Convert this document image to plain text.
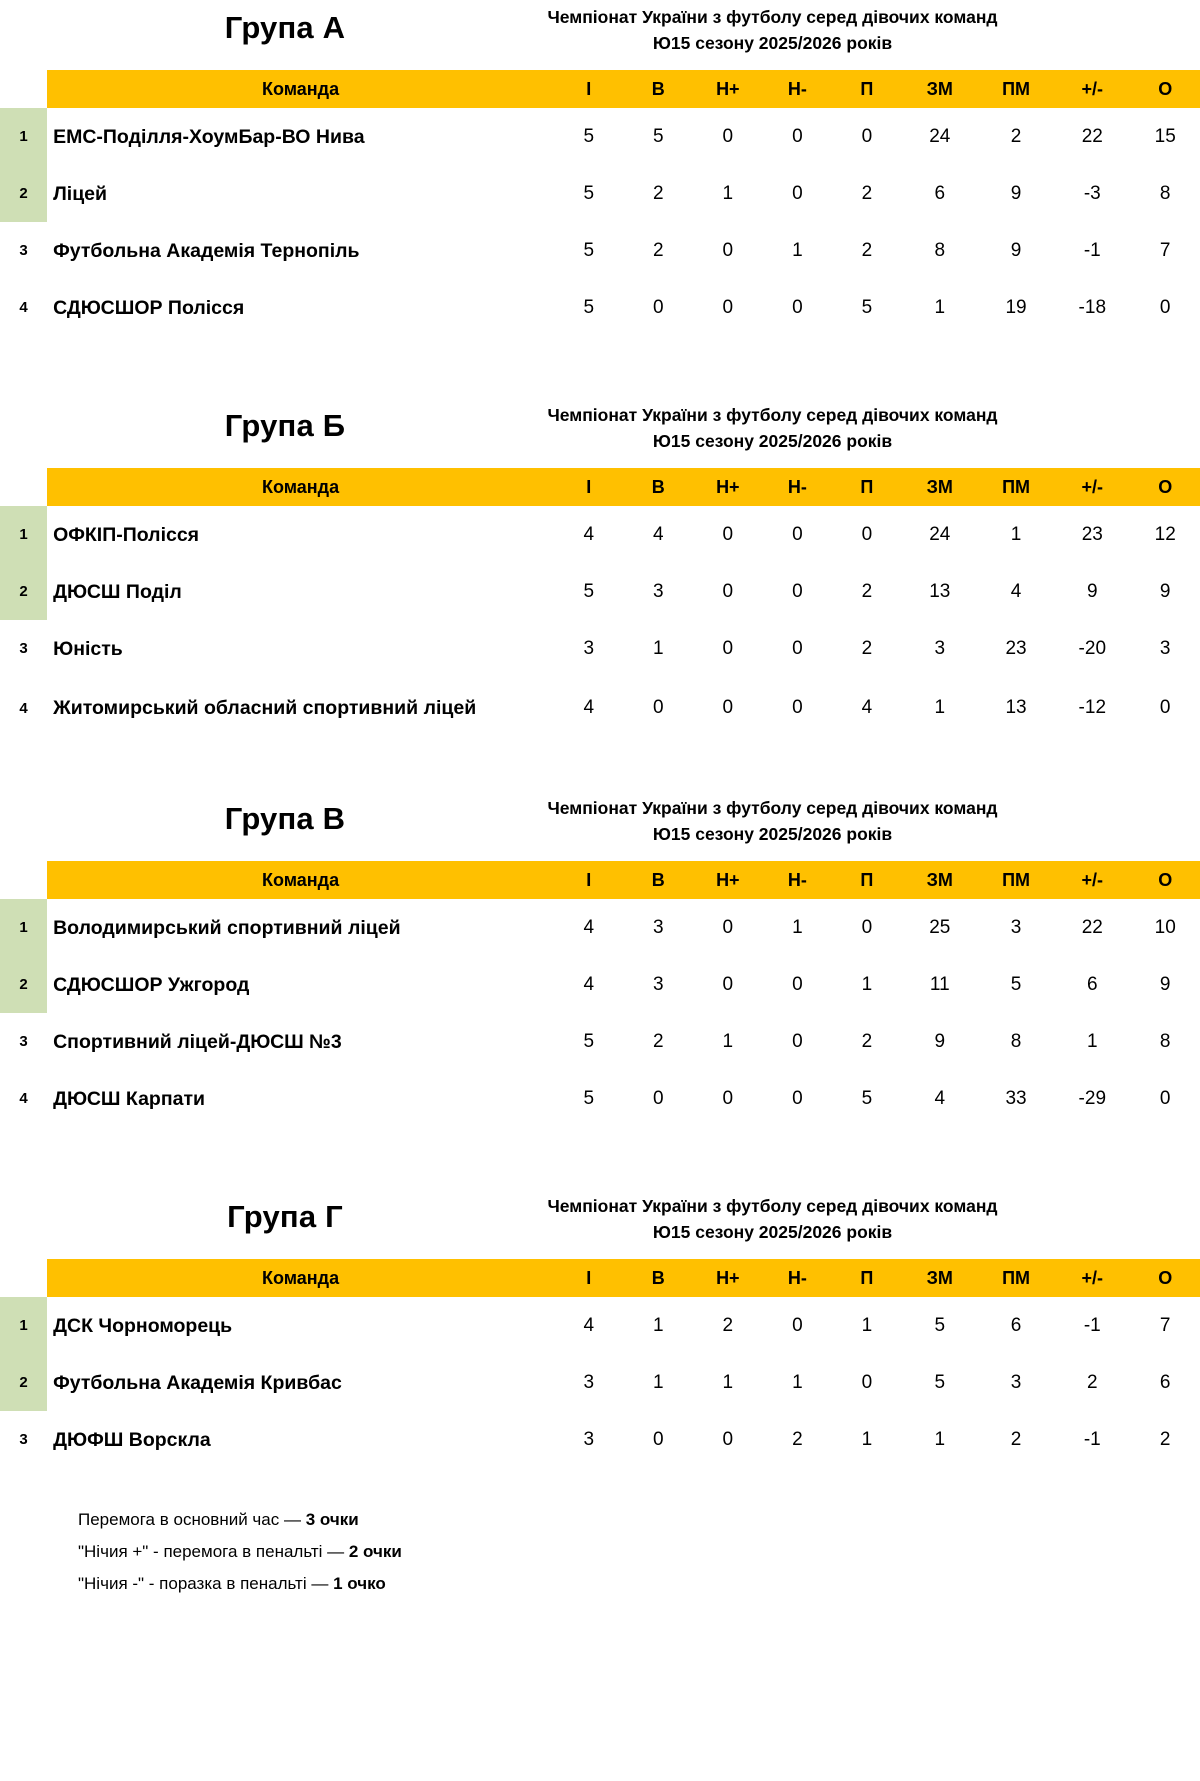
Група А	Чемпіонат України з футболу серед дівочих команд
Ю15 сезону 2025/2026 років
	Команда	І	В	Н+	Н-	П	ЗМ	ПМ	+/-	О
1	ЕМС-Поділля-ХоумБар-ВО Нива	5	5	0	0	0	24	2	22	15
2	Ліцей	5	2	1	0	2	6	9	-3	8
3	Футбольна Академія Тернопіль	5	2	0	1	2	8	9	-1	7
4	СДЮСШОР Полісся	5	0	0	0	5	1	19	-18	0
Група Б	Чемпіонат України з футболу серед дівочих команд
Ю15 сезону 2025/2026 років
	Команда	І	В	Н+	Н-	П	ЗМ	ПМ	+/-	О
1	ОФКІП-Полісся	4	4	0	0	0	24	1	23	12
2	ДЮСШ Поділ	5	3	0	0	2	13	4	9	9
3	Юність	3	1	0	0	2	3	23	-20	3
4	Житомирський обласний спортивний ліцей	4	0	0	0	4	1	13	-12	0
Група В	Чемпіонат України з футболу серед дівочих команд
Ю15 сезону 2025/2026 років
	Команда	І	В	Н+	Н-	П	ЗМ	ПМ	+/-	О
1	Володимирський спортивний ліцей	4	3	0	1	0	25	3	22	10
2	СДЮСШОР Ужгород	4	3	0	0	1	11	5	6	9
3	Спортивний ліцей-ДЮСШ №3	5	2	1	0	2	9	8	1	8
4	ДЮСШ Карпати	5	0	0	0	5	4	33	-29	0
Група Г	Чемпіонат України з футболу серед дівочих команд
Ю15 сезону 2025/2026 років
	Команда	І	В	Н+	Н-	П	ЗМ	ПМ	+/-	О
1	ДСК Чорноморець	4	1	2	0	1	5	6	-1	7
2	Футбольна Академія Кривбас	3	1	1	1	0	5	3	2	6
3	ДЮФШ Ворскла	3	0	0	2	1	1	2	-1	2
Перемога в основний час — 3 очки
"Нічия +" - перемога в пенальті — 2 очки
"Нічия -" - поразка в пенальті — 1 очко
